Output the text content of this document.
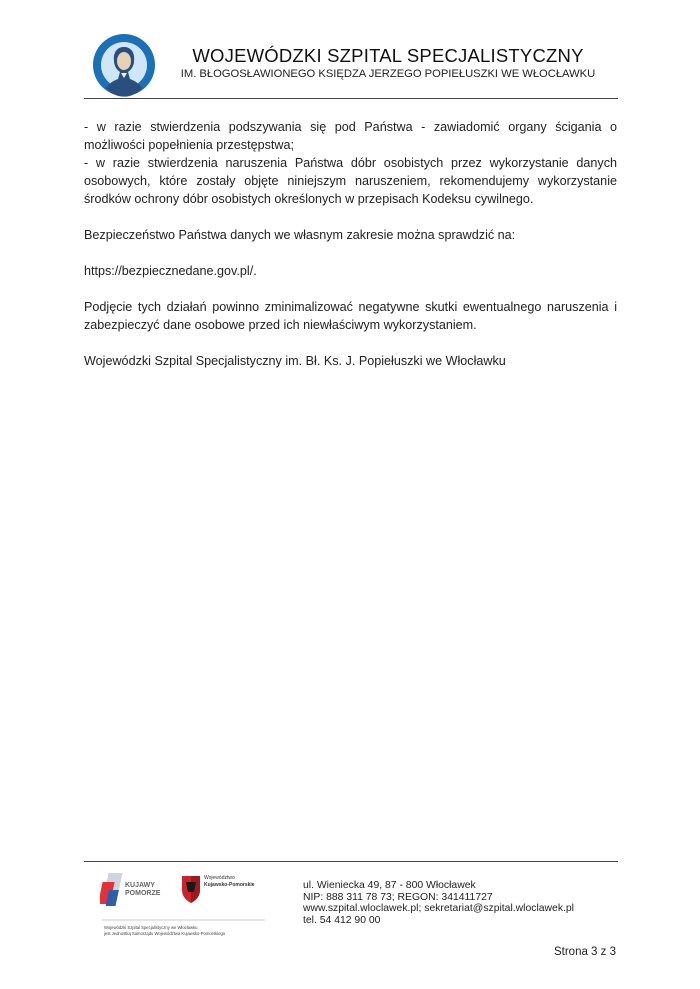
WOJEWÓDZKI SZPITAL SPECJALISTYCZNY
IM. BŁOGOSŁAWIONEGO KSIĘDZA JERZEGO POPIEŁUSZKI WE WŁOCŁAWKU

- w razie stwierdzenia podszywania się pod Państwa - zawiadomić organy ścigania o możliwości popełnienia przestępstwa;

- w razie stwierdzenia naruszenia Państwa dóbr osobistych przez wykorzystanie danych osobowych, które zostały objęte niniejszym naruszeniem, rekomendujemy wykorzystanie środków ochrony dóbr osobistych określonych w przepisach Kodeksu cywilnego.

Bezpieczeństwo Państwa danych we własnym zakresie można sprawdzić na:

https://bezpiecznedane.gov.pl/.

Podjęcie tych działań powinno zminimalizować negatywne skutki ewentualnego naruszenia i zabezpieczyć dane osobowe przed ich niewłaściwym wykorzystaniem.

Wojewódzki Szpital Specjalistyczny im. Bł. Ks. J. Popiełuszki we Włocławku

KUJAWY
POMORZE
Województwo
Kujawsko-Pomorskie
Wojewódzki Szpital Specjalistyczny we Włocławku
jest Jednostką Samorządu Województwa Kujawsko-Pomorskiego
ul. Wieniecka 49, 87 - 800 Włocławek
NIP: 888 311 78 73; REGON: 341411727
www.szpital.wloclawek.pl; sekretariat@szpital.wloclawek.pl
tel. 54 412 90 00
Strona 3 z 3
